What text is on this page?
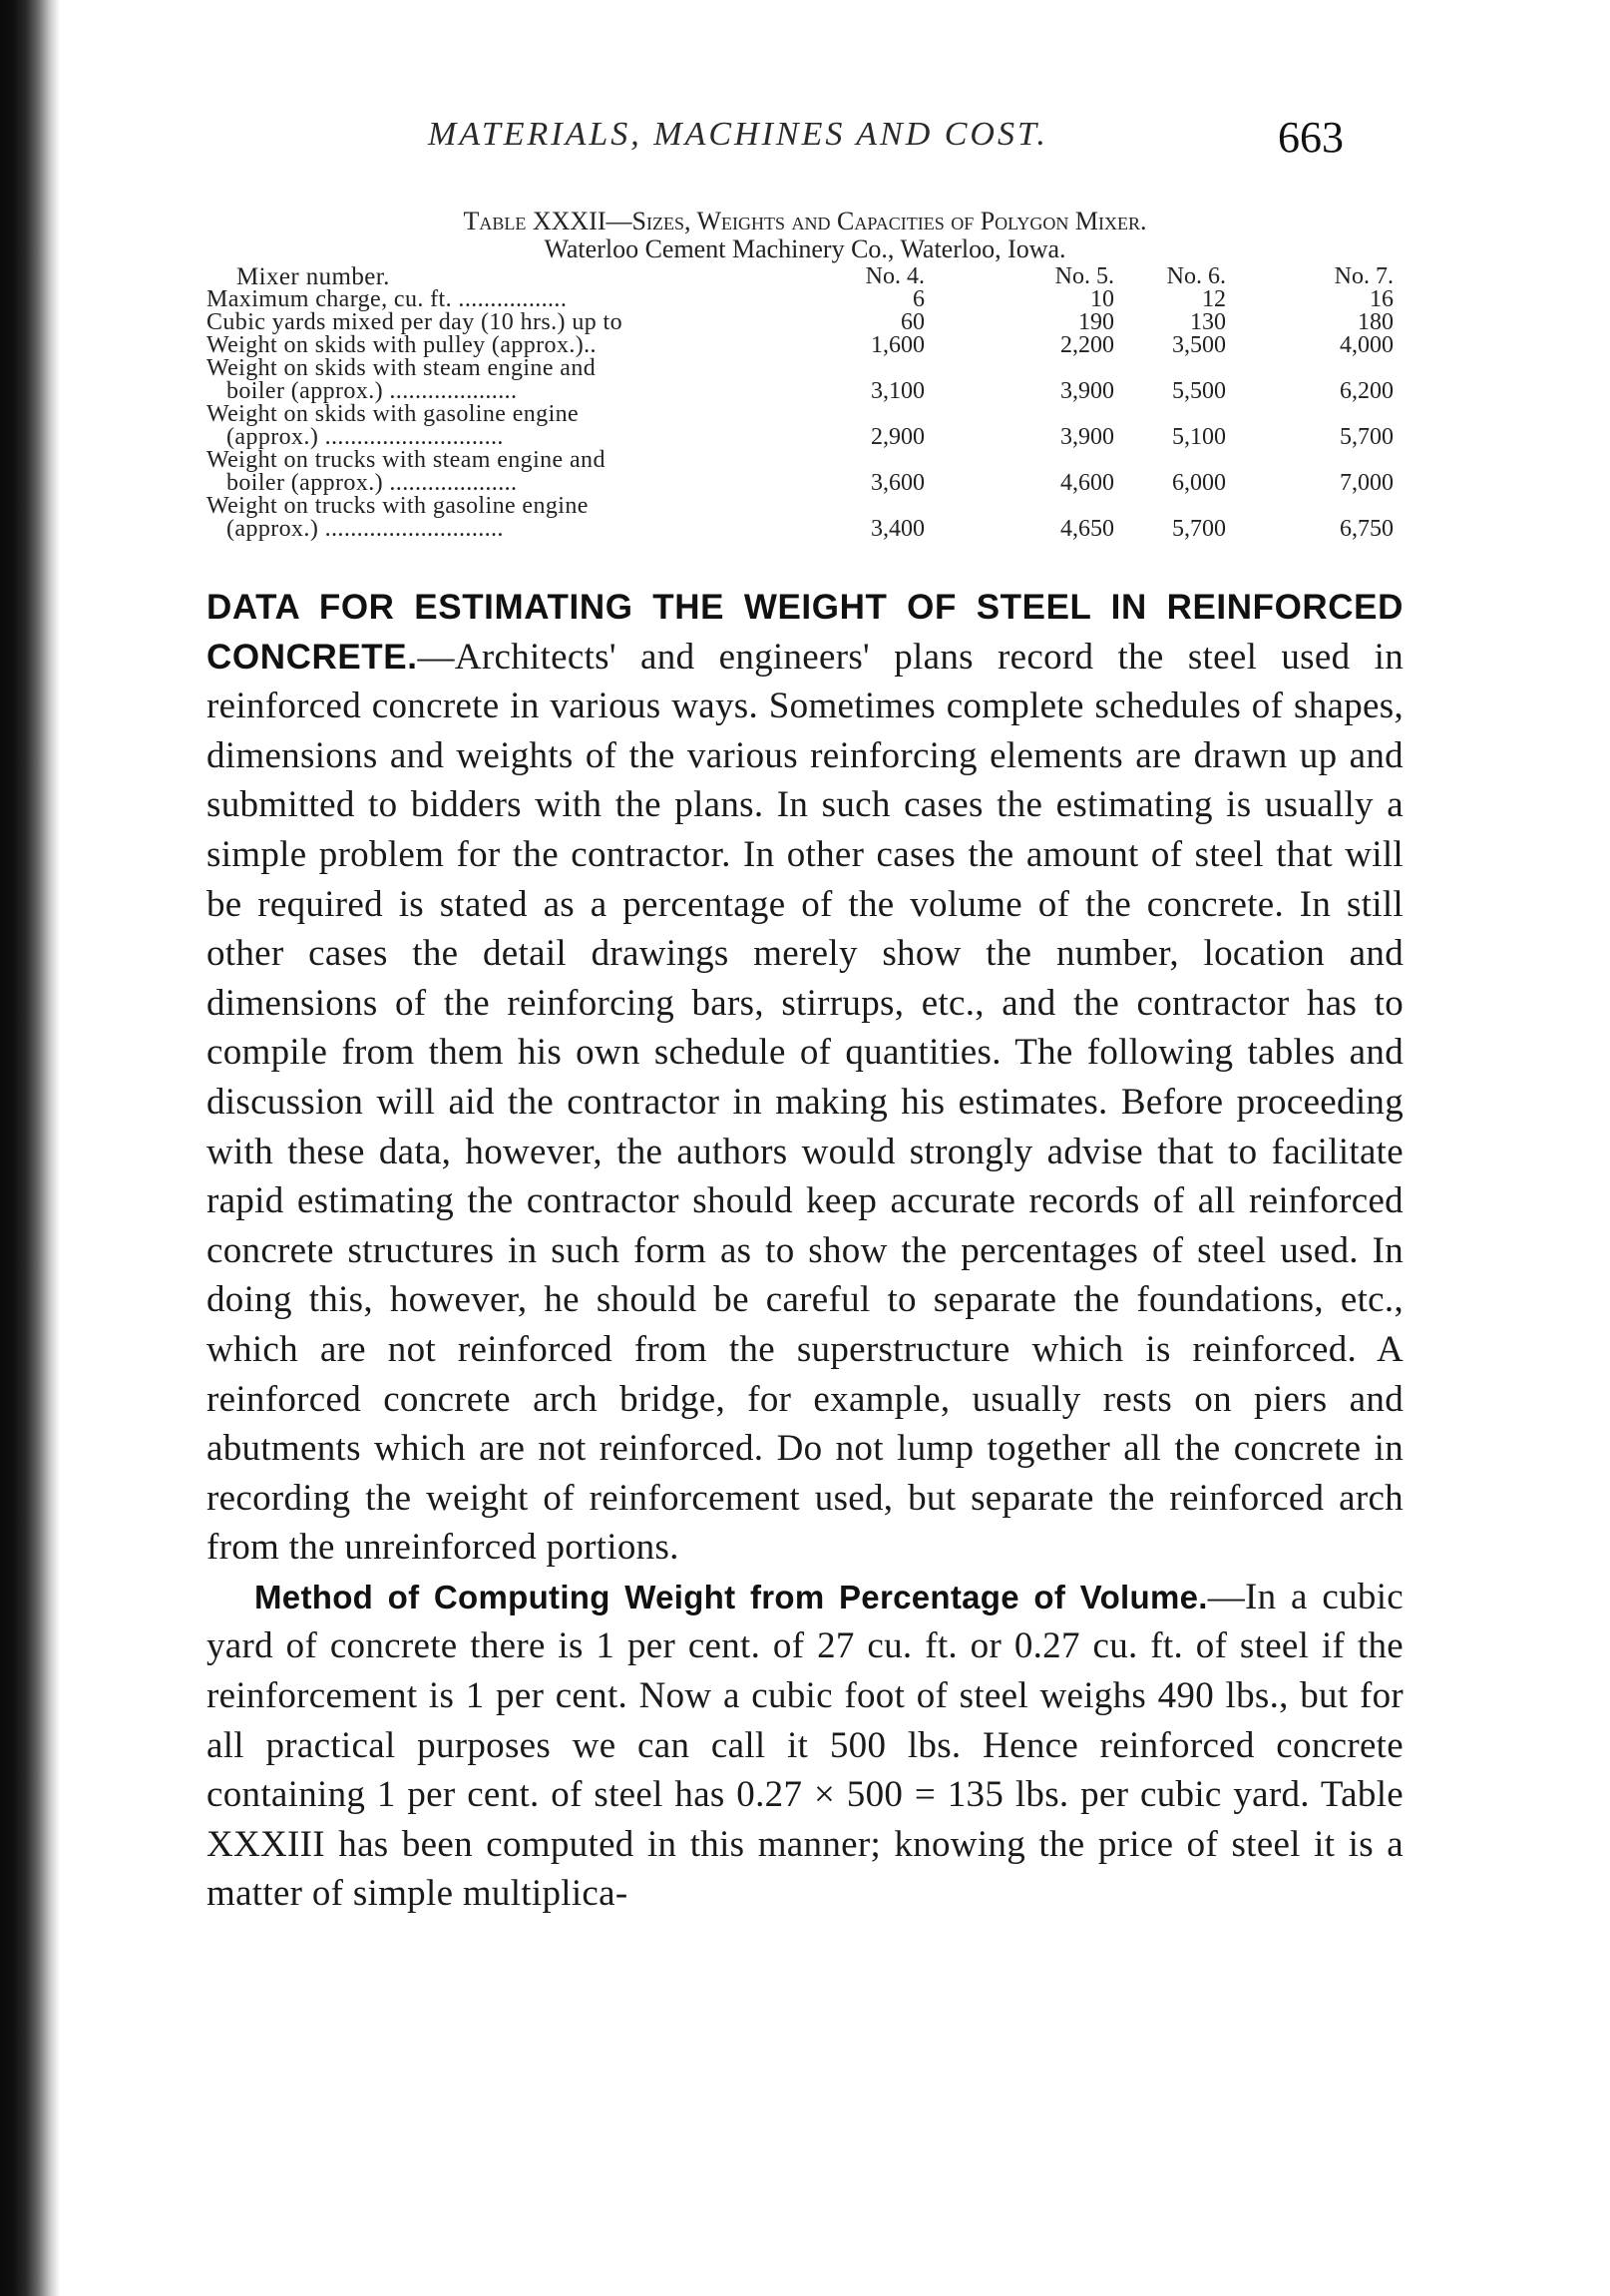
MATERIALS, MACHINES AND COST.	663
Table XXXII—Sizes, Weights and Capacities of Polygon Mixer.
Waterloo Cement Machinery Co., Waterloo, Iowa.
Mixer number.	No. 4.	No. 5.	No. 6.	No. 7.
Maximum charge, cu. ft. .................	6	10	12	16
Cubic yards mixed per day (10 hrs.) up to	60	190	130	180
Weight on skids with pulley (approx.)..	1,600	2,200	3,500	4,000
Weight on skids with steam engine and
boiler (approx.) ....................	3,100	3,900	5,500	6,200
Weight on skids with gasoline engine
(approx.) ............................	2,900	3,900	5,100	5,700
Weight on trucks with steam engine and
boiler (approx.) ....................	3,600	4,600	6,000	7,000
Weight on trucks with gasoline engine
(approx.) ............................	3,400	4,650	5,700	6,750

DATA FOR ESTIMATING THE WEIGHT OF STEEL IN REINFORCED CONCRETE.—Architects' and engineers' plans record the steel used in reinforced concrete in various ways. Sometimes complete schedules of shapes, dimensions and weights of the various reinforcing elements are drawn up and submitted to bidders with the plans. In such cases the estimating is usually a simple problem for the contractor. In other cases the amount of steel that will be required is stated as a percentage of the volume of the concrete. In still other cases the detail drawings merely show the number, location and dimensions of the reinforcing bars, stirrups, etc., and the contractor has to compile from them his own schedule of quantities. The following tables and discussion will aid the contractor in making his estimates. Before proceeding with these data, however, the authors would strongly advise that to facilitate rapid estimating the contractor should keep accurate records of all reinforced concrete structures in such form as to show the percentages of steel used. In doing this, however, he should be careful to separate the foundations, etc., which are not reinforced from the superstructure which is reinforced. A reinforced concrete arch bridge, for example, usually rests on piers and abutments which are not reinforced. Do not lump together all the concrete in recording the weight of reinforcement used, but separate the reinforced arch from the unreinforced portions.

Method of Computing Weight from Percentage of Volume.—In a cubic yard of concrete there is 1 per cent. of 27 cu. ft. or 0.27 cu. ft. of steel if the reinforcement is 1 per cent. Now a cubic foot of steel weighs 490 lbs., but for all practical purposes we can call it 500 lbs. Hence reinforced concrete containing 1 per cent. of steel has 0.27 × 500 = 135 lbs. per cubic yard. Table XXXIII has been computed in this manner; knowing the price of steel it is a matter of simple multiplica-
